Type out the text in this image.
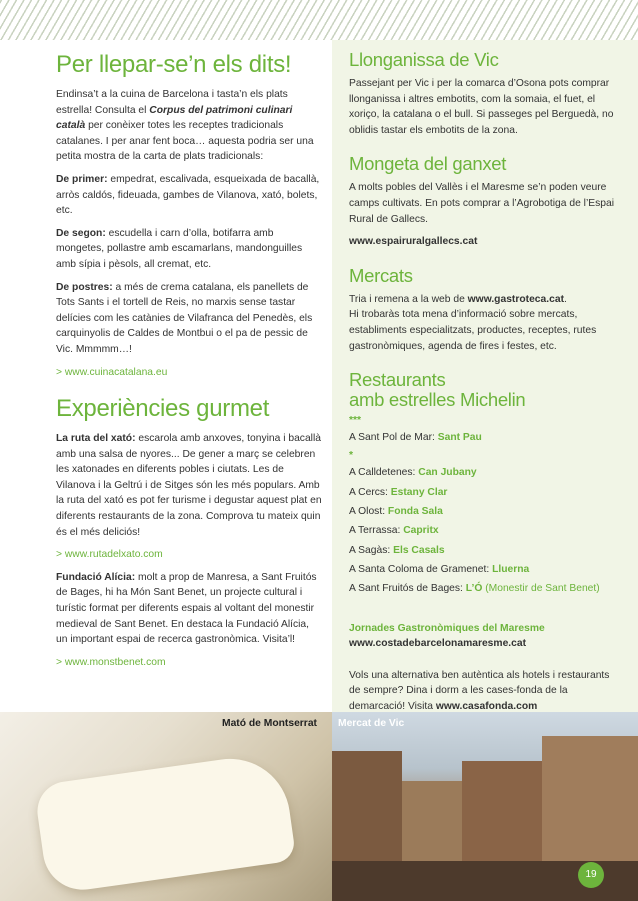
Per llepar-se’n els dits!

Endinsa’t a la cuina de Barcelona i tasta’n els plats estrella! Consulta el Corpus del patrimoni culinari català per conèixer totes les receptes tradicionals catalanes. I per anar fent boca… aquesta podria ser una petita mostra de la carta de plats tradicionals:

De primer: empedrat, escalivada, esqueixada de bacallà, arròs caldós, fideuada, gambes de Vilanova, xató, bolets, etc.

De segon: escudella i carn d’olla, botifarra amb mongetes, pollastre amb escamarlans, mandonguilles amb sípia i pèsols, all cremat, etc.

De postres: a més de crema catalana, els panellets de Tots Sants i el tortell de Reis, no marxis sense tastar delícies com les catànies de Vilafranca del Penedès, els carquinyolis de Caldes de Montbui o el pa de pessic de Vic. Mmmmm…!

> www.cuinacatalana.eu

Experiències gurmet

La ruta del xató: escarola amb anxoves, tonyina i bacallà amb una salsa de nyores... De gener a març se celebren les xatonades en diferents pobles i ciutats. Les de Vilanova i la Geltrú i de Sitges són les més populars. Amb la ruta del xató es pot fer turisme i degustar aquest plat en diferents restaurants de la zona. Comprova tu mateix quin és el més deliciós!

> www.rutadelxato.com

Fundació Alícia: molt a prop de Manresa, a Sant Fruitós de Bages, hi ha Món Sant Benet, un projecte cultural i turístic format per diferents espais al voltant del monestir medieval de Sant Benet. En destaca la Fundació Alícia, un important espai de recerca gastronòmica. Visita’l!

> www.monstbenet.com

Llonganissa de Vic

Passejant per Vic i per la comarca d’Osona pots comprar llonganissa i altres embotits, com la somaia, el fuet, el xoriço, la catalana o el bull. Si passeges pel Berguedà, no oblidis tastar els embotits de la zona.

Mongeta del ganxet

A molts pobles del Vallès i el Maresme se’n poden veure camps cultivats. En pots comprar a l’Agrobotiga de l’Espai Rural de Gallecs.

www.espairuralgallecs.cat

Mercats

Tria i remena a la web de www.gastroteca.cat.
Hi trobaràs tota mena d’informació sobre mercats, establiments especialitzats, productes, receptes, rutes gastronòmiques, agenda de fires i festes, etc.

Restaurants
amb estrelles Michelin

***

A Sant Pol de Mar: Sant Pau

*

A Calldetenes: Can Jubany

A Cercs: Estany Clar

A Olost: Fonda Sala

A Terrassa: Capritx

A Sagàs: Els Casals

A Santa Coloma de Gramenet: Lluerna

A Sant Fruitós de Bages: L’Ó (Monestir de Sant Benet)

Jornades Gastronòmiques del Maresme
www.costadebarcelonamaresme.cat

Vols una alternativa ben autèntica als hotels i restaurants de sempre? Dina i dorm a les cases-fonda de la demarcació! Visita www.casafonda.com

Mató de Montserrat Mercat de Vic
19
